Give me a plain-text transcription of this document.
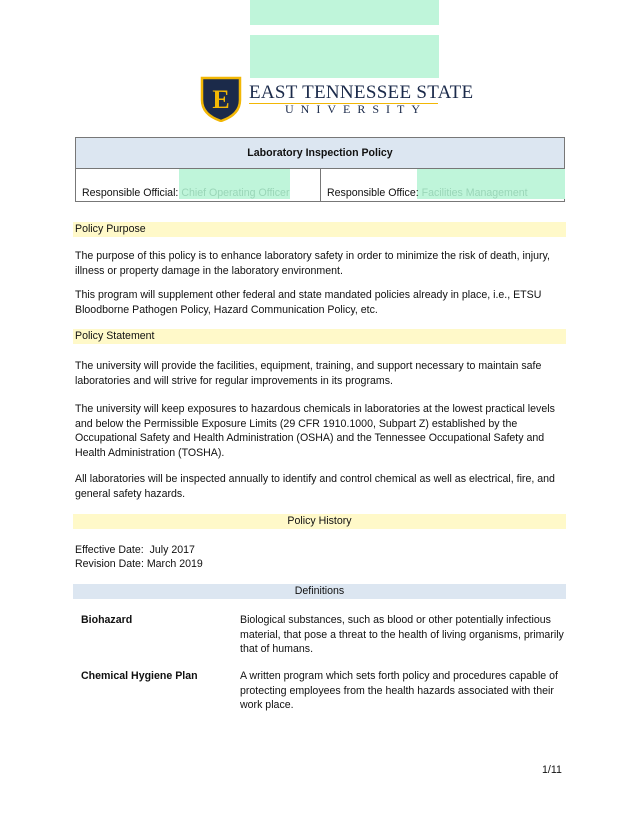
E EAST TENNESSEE STATE
UNIVERSITY
Laboratory Inspection Policy

Responsible Official: Chief Operating Officer	Responsible Office: Facilities Management
Policy Purpose
The purpose of this policy is to enhance laboratory safety in order to minimize the risk of death, injury, illness or property damage in the laboratory environment.
This program will supplement other federal and state mandated policies already in place, i.e., ETSU Bloodborne Pathogen Policy, Hazard Communication Policy, etc.
Policy Statement
The university will provide the facilities, equipment, training, and support necessary to maintain safe laboratories and will strive for regular improvements in its programs.
The university will keep exposures to hazardous chemicals in laboratories at the lowest practical levels and below the Permissible Exposure Limits (29 CFR 1910.1000, Subpart Z) established by the Occupational Safety and Health Administration (OSHA) and the Tennessee Occupational Safety and Health Administration (TOSHA).
All laboratories will be inspected annually to identify and control chemical as well as electrical, fire, and general safety hazards.
Policy History
Effective Date:  July 2017
Revision Date: March 2019
Definitions
Biohazard	Biological substances, such as blood or other potentially infectious material, that pose a threat to the health of living organisms, primarily that of humans.
Chemical Hygiene Plan	A written program which sets forth policy and procedures capable of protecting employees from the health hazards associated with their work place.
1/11
